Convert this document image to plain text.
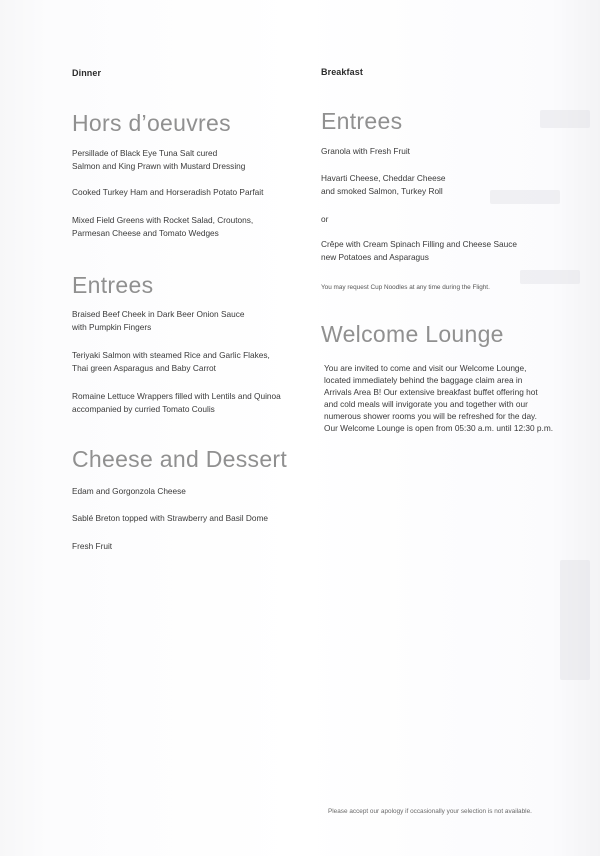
Dinner
Hors d’oeuvres
Persillade of Black Eye Tuna Salt cured
Salmon and King Prawn with Mustard Dressing
Cooked Turkey Ham and Horseradish Potato Parfait
Mixed Field Greens with Rocket Salad, Croutons,
Parmesan Cheese and Tomato Wedges
Entrees
Braised Beef Cheek in Dark Beer Onion Sauce
with Pumpkin Fingers
Teriyaki Salmon with steamed Rice and Garlic Flakes,
Thai green Asparagus and Baby Carrot
Romaine Lettuce Wrappers filled with Lentils and Quinoa
accompanied by curried Tomato Coulis
Cheese and Dessert
Edam and Gorgonzola Cheese
Sablé Breton topped with Strawberry and Basil Dome
Fresh Fruit
Breakfast
Entrees
Granola with Fresh Fruit
Havarti Cheese, Cheddar Cheese
and smoked Salmon, Turkey Roll
or
Crêpe with Cream Spinach Filling and Cheese Sauce
new Potatoes and Asparagus
You may request Cup Noodles at any time during the Flight.
Welcome Lounge
You are invited to come and visit our Welcome Lounge,
located immediately behind the baggage claim area in
Arrivals Area B! Our extensive breakfast buffet offering hot
and cold meals will invigorate you and together with our
numerous shower rooms you will be refreshed for the day.
Our Welcome Lounge is open from 05:30 a.m. until 12:30 p.m.
Please accept our apology if occasionally your selection is not available.
